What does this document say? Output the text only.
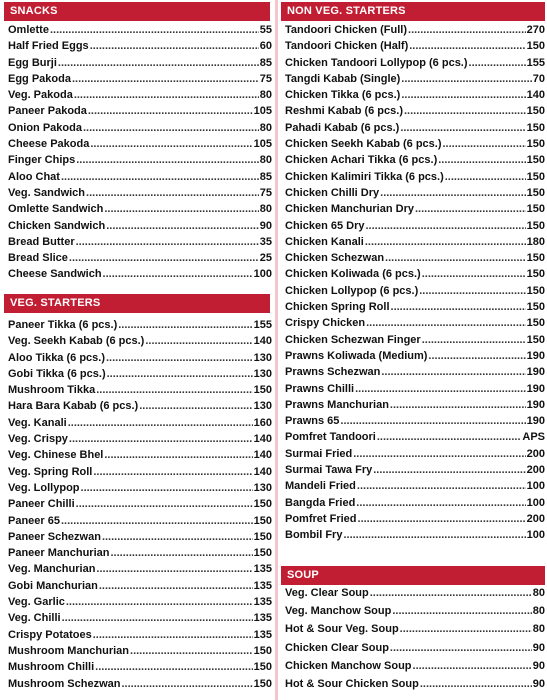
SNACKS
Omlette .....	55
Half Fried Eggs .....	60
Egg Burji .....	85
Egg Pakoda .....	75
Veg. Pakoda .....	80
Paneer Pakoda .....	105
Onion Pakoda .....	80
Cheese Pakoda .....	105
Finger Chips .....	80
Aloo Chat .....	85
Veg. Sandwich .....	75
Omlette Sandwich .....	80
Chicken Sandwich .....	90
Bread Butter .....	35
Bread Slice .....	25
Cheese Sandwich .....	100
VEG. STARTERS
Paneer Tikka (6 pcs.) .....	155
Veg. Seekh Kabab (6 pcs.) .....	140
Aloo Tikka (6 pcs.) .....	130
Gobi Tikka (6 pcs.) .....	130
Mushroom Tikka .....	150
Hara Bara Kabab (6 pcs.) .....	130
Veg. Kanali .....	160
Veg. Crispy .....	140
Veg. Chinese Bhel .....	140
Veg. Spring Roll .....	140
Veg. Lollypop .....	130
Paneer Chilli .....	150
Paneer 65 .....	150
Paneer Schezwan .....	150
Paneer Manchurian .....	150
Veg. Manchurian .....	135
Gobi Manchurian .....	135
Veg. Garlic .....	135
Veg. Chilli .....	135
Crispy Potatoes .....	135
Mushroom Manchurian .....	150
Mushroom Chilli .....	150
Mushroom Schezwan .....	150
NON VEG. STARTERS
Tandoori Chicken (Full) .....	270
Tandoori Chicken (Half) .....	150
Chicken Tandoori Lollypop (6 pcs.) .....	155
Tangdi Kabab (Single) .....	70
Chicken Tikka (6 pcs.) .....	140
Reshmi Kabab (6 pcs.) .....	150
Pahadi Kabab (6 pcs.) .....	150
Chicken Seekh Kabab (6 pcs.) .....	150
Chicken Achari Tikka (6 pcs.) .....	150
Chicken Kalimiri Tikka (6 pcs.) .....	150
Chicken Chilli Dry .....	150
Chicken Manchurian Dry .....	150
Chicken 65 Dry .....	150
Chicken Kanali .....	180
Chicken Schezwan .....	150
Chicken Koliwada (6 pcs.) .....	150
Chicken Lollypop (6 pcs.) .....	150
Chicken Spring Roll .....	150
Crispy Chicken .....	150
Chicken Schezwan Finger .....	150
Prawns Koliwada (Medium) .....	190
Prawns Schezwan .....	190
Prawns Chilli .....	190
Prawns Manchurian .....	190
Prawns 65 .....	190
Pomfret Tandoori .....	APS
Surmai Fried .....	200
Surmai Tawa Fry .....	200
Mandeli Fried .....	100
Bangda Fried .....	100
Pomfret Fried .....	200
Bombil Fry .....	100
SOUP
Veg. Clear Soup .....	80
Veg. Manchow Soup .....	80
Hot & Sour Veg. Soup .....	80
Chicken Clear Soup .....	90
Chicken Manchow Soup .....	90
Hot & Sour Chicken Soup .....	90
